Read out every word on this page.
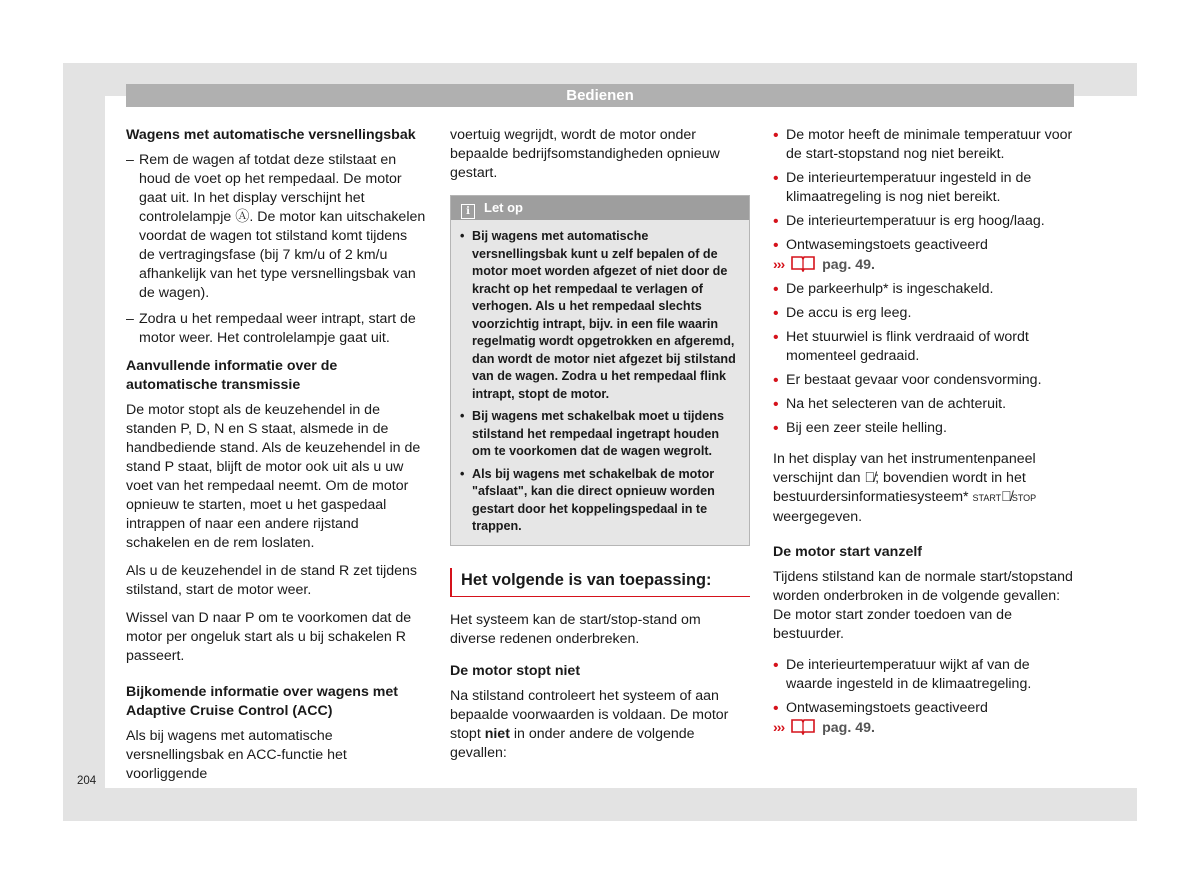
Bedienen
Wagens met automatische versnellingsbak
– Rem de wagen af totdat deze stilstaat en houd de voet op het rempedaal. De motor gaat uit. In het display verschijnt het controlelampje Ⓐ. De motor kan uitschakelen voordat de wagen tot stilstand komt tijdens de vertragingsfase (bij 7 km/u of 2 km/u afhankelijk van het type versnellingsbak van de wagen).
– Zodra u het rempedaal weer intrapt, start de motor weer. Het controlelampje gaat uit.
Aanvullende informatie over de automatische transmissie
De motor stopt als de keuzehendel in de standen P, D, N en S staat, alsmede in de handbediende stand. Als de keuzehendel in de stand P staat, blijft de motor ook uit als u uw voet van het rempedaal neemt. Om de motor opnieuw te starten, moet u het gaspedaal intrappen of naar een andere rijstand schakelen en de rem loslaten.
Als u de keuzehendel in de stand R zet tijdens stilstand, start de motor weer.
Wissel van D naar P om te voorkomen dat de motor per ongeluk start als u bij schakelen R passeert.
Bijkomende informatie over wagens met Adaptive Cruise Control (ACC)
Als bij wagens met automatische versnellingsbak en ACC-functie het voorliggende
voertuig wegrijdt, wordt de motor onder bepaalde bedrijfsomstandigheden opnieuw gestart.
i Let op
• Bij wagens met automatische versnellingsbak kunt u zelf bepalen of de motor moet worden afgezet of niet door de kracht op het rempedaal te verlagen of verhogen. Als u het rempedaal slechts voorzichtig intrapt, bijv. in een file waarin regelmatig wordt opgetrokken en afgeremd, dan wordt de motor niet afgezet bij stilstand van de wagen. Zodra u het rempedaal flink intrapt, stopt de motor.
• Bij wagens met schakelbak moet u tijdens stilstand het rempedaal ingetrapt houden om te voorkomen dat de wagen wegrolt.
• Als bij wagens met schakelbak de motor "afslaat", kan die direct opnieuw worden gestart door het koppelingspedaal in te trappen.
Het volgende is van toepassing:
Het systeem kan de start/stop-stand om diverse redenen onderbreken.
De motor stopt niet
Na stilstand controleert het systeem of aan bepaalde voorwaarden is voldaan. De motor stopt niet in onder andere de volgende gevallen:
• De motor heeft de minimale temperatuur voor de start-stopstand nog niet bereikt.
• De interieurtemperatuur ingesteld in de klimaatregeling is nog niet bereikt.
• De interieurtemperatuur is erg hoog/laag.
• Ontwasemingstoets geactiveerd
›››	pag. 49.
• De parkeerhulp* is ingeschakeld.
• De accu is erg leeg.
• Het stuurwiel is flink verdraaid of wordt momenteel gedraaid.
• Er bestaat gevaar voor condensvorming.
• Na het selecteren van de achteruit.
• Bij een zeer steile helling.
In het display van het instrumentenpaneel verschijnt dan Ⓐ̸; bovendien wordt in het bestuurdersinformatiesysteem* STARTⒶ̸STOP weergegeven.
De motor start vanzelf
Tijdens stilstand kan de normale start/stopstand worden onderbroken in de volgende gevallen: De motor start zonder toedoen van de bestuurder.
• De interieurtemperatuur wijkt af van de waarde ingesteld in de klimaatregeling.
• Ontwasemingstoets geactiveerd
›››	pag. 49.
204
